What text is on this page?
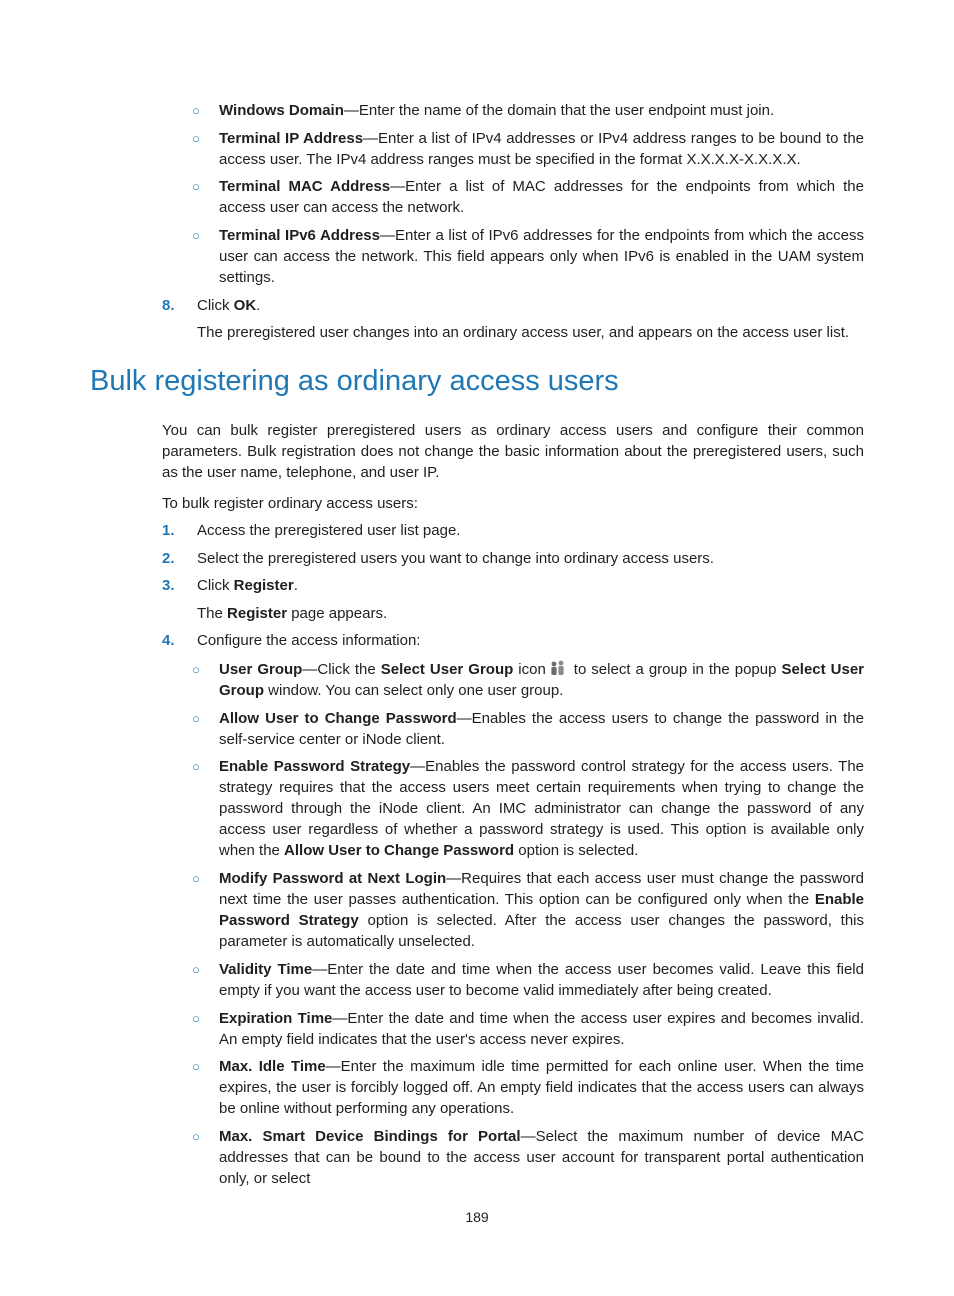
○ Windows Domain—Enter the name of the domain that the user endpoint must join.
○ Terminal IP Address—Enter a list of IPv4 addresses or IPv4 address ranges to be bound to the access user. The IPv4 address ranges must be specified in the format X.X.X.X-X.X.X.X.
○ Terminal MAC Address—Enter a list of MAC addresses for the endpoints from which the access user can access the network.
○ Terminal IPv6 Address—Enter a list of IPv6 addresses for the endpoints from which the access user can access the network. This field appears only when IPv6 is enabled in the UAM system settings.
8. Click OK.
The preregistered user changes into an ordinary access user, and appears on the access user list.
Bulk registering as ordinary access users
You can bulk register preregistered users as ordinary access users and configure their common parameters. Bulk registration does not change the basic information about the preregistered users, such as the user name, telephone, and user IP.
To bulk register ordinary access users:
1. Access the preregistered user list page.
2. Select the preregistered users you want to change into ordinary access users.
3. Click Register.
The Register page appears.
4. Configure the access information:
○ User Group—Click the Select User Group icon to select a group in the popup Select User Group window. You can select only one user group.
○ Allow User to Change Password—Enables the access users to change the password in the self-service center or iNode client.
○ Enable Password Strategy—Enables the password control strategy for the access users. The strategy requires that the access users meet certain requirements when trying to change the password through the iNode client. An IMC administrator can change the password of any access user regardless of whether a password strategy is used. This option is available only when the Allow User to Change Password option is selected.
○ Modify Password at Next Login—Requires that each access user must change the password next time the user passes authentication. This option can be configured only when the Enable Password Strategy option is selected. After the access user changes the password, this parameter is automatically unselected.
○ Validity Time—Enter the date and time when the access user becomes valid. Leave this field empty if you want the access user to become valid immediately after being created.
○ Expiration Time—Enter the date and time when the access user expires and becomes invalid. An empty field indicates that the user's access never expires.
○ Max. Idle Time—Enter the maximum idle time permitted for each online user. When the time expires, the user is forcibly logged off. An empty field indicates that the access users can always be online without performing any operations.
○ Max. Smart Device Bindings for Portal—Select the maximum number of device MAC addresses that can be bound to the access user account for transparent portal authentication only, or select
189
